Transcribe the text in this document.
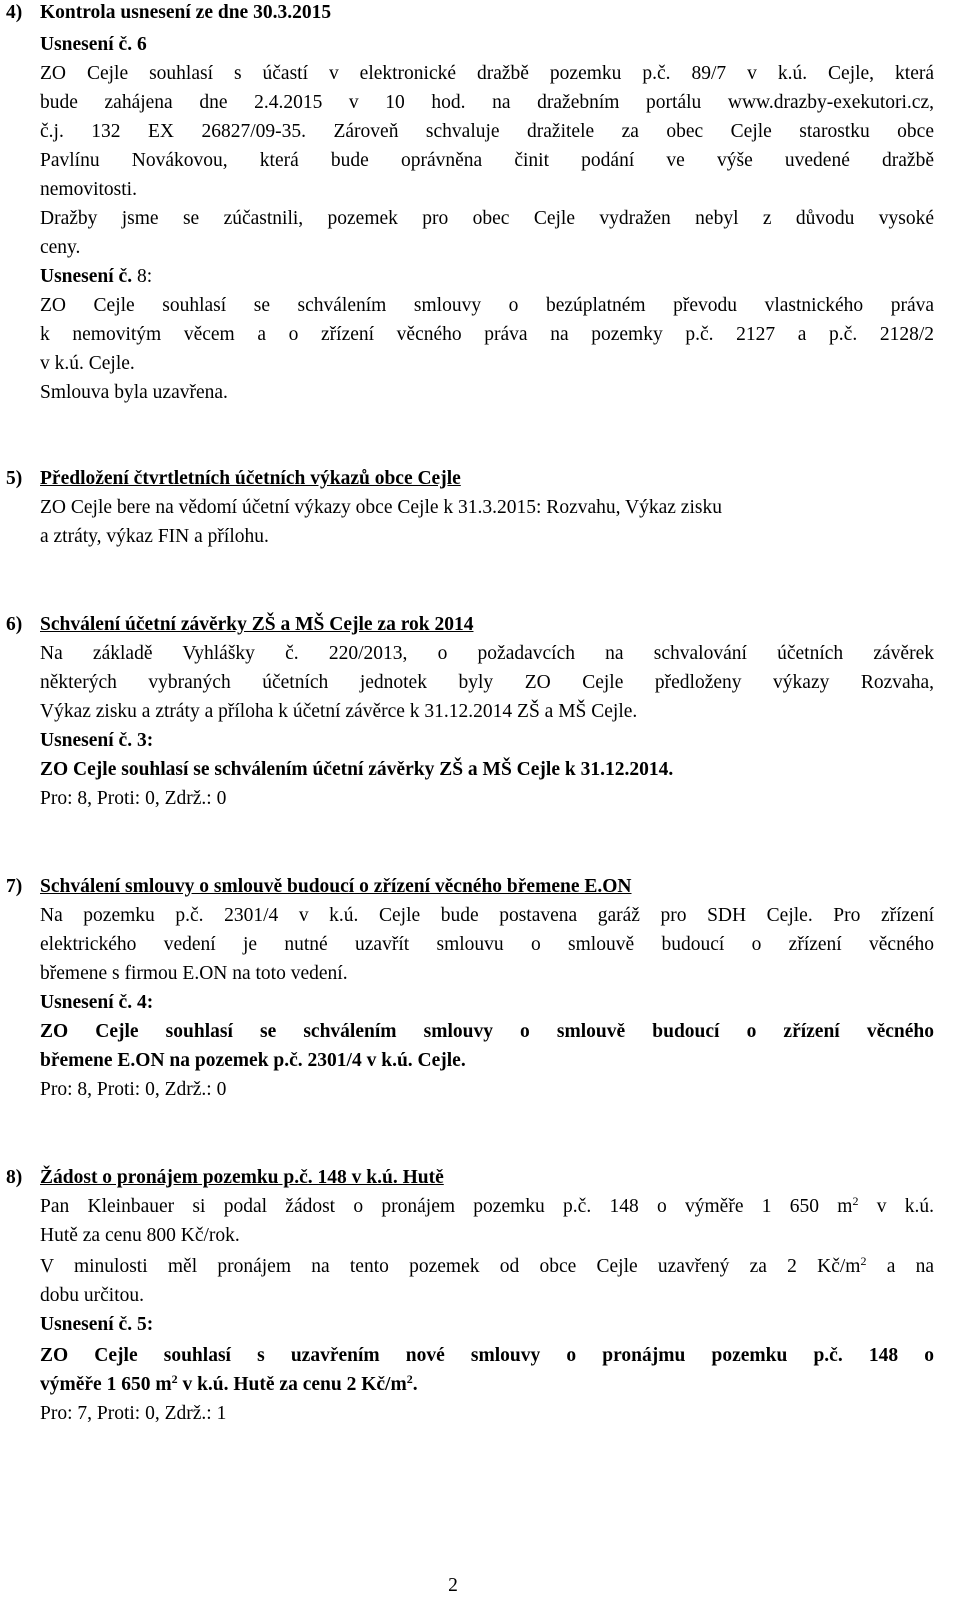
4) Kontrola usnesení ze dne 30.3.2015
Usnesení č. 6
ZO Cejle souhlasí s účastí v elektronické dražbě pozemku p.č. 89/7 v k.ú. Cejle, která
bude zahájena dne 2.4.2015 v 10 hod. na dražebním portálu www.drazby-exekutori.cz,
č.j. 132 EX 26827/09-35. Zároveň schvaluje dražitele za obec Cejle starostku obce
Pavlínu Novákovou, která bude oprávněna činit podání ve výše uvedené dražbě
nemovitosti.
Dražby jsme se zúčastnili, pozemek pro obec Cejle vydražen nebyl z důvodu vysoké
ceny.
Usnesení č. 8:
ZO Cejle souhlasí se schválením smlouvy o bezúplatném převodu vlastnického práva
k nemovitým věcem a o zřízení věcného práva na pozemky p.č. 2127 a p.č. 2128/2
v k.ú. Cejle.
Smlouva byla uzavřena.
5) Předložení čtvrtletních účetních výkazů obce Cejle
ZO Cejle bere na vědomí účetní výkazy obce Cejle k 31.3.2015: Rozvahu, Výkaz zisku
a ztráty, výkaz FIN a přílohu.
6) Schválení účetní závěrky ZŠ a MŠ Cejle za rok 2014
Na základě Vyhlášky č. 220/2013, o požadavcích na schvalování účetních závěrek
některých vybraných účetních jednotek byly ZO Cejle předloženy výkazy Rozvaha,
Výkaz zisku a ztráty a příloha k účetní závěrce k 31.12.2014 ZŠ a MŠ Cejle.
Usnesení č. 3:
ZO Cejle souhlasí se schválením účetní závěrky ZŠ a MŠ Cejle k 31.12.2014.
Pro: 8, Proti: 0, Zdrž.: 0
7) Schválení smlouvy o smlouvě budoucí o zřízení věcného břemene E.ON
Na pozemku p.č. 2301/4 v k.ú. Cejle bude postavena garáž pro SDH Cejle. Pro zřízení
elektrického vedení je nutné uzavřít smlouvu o smlouvě budoucí o zřízení věcného
břemene s firmou E.ON na toto vedení.
Usnesení č. 4:
ZO Cejle souhlasí se schválením smlouvy o smlouvě budoucí o zřízení věcného
břemene E.ON na pozemek p.č. 2301/4 v k.ú. Cejle.
Pro: 8, Proti: 0, Zdrž.: 0
8) Žádost o pronájem pozemku p.č. 148 v k.ú. Hutě
Pan Kleinbauer si podal žádost o pronájem pozemku p.č. 148 o výměře 1 650 $m^2$ v k.ú.
Hutě za cenu 800 Kč/rok.
V minulosti měl pronájem na tento pozemek od obce Cejle uzavřený za 2 $Kč/m^2$ a na
dobu určitou.
Usnesení č. 5:
ZO Cejle souhlasí s uzavřením nové smlouvy o pronájmu pozemku p.č. 148 o
výměře 1 650 $m^2$ v k.ú. Hutě za cenu 2 $Kč/m^2$.
Pro: 7, Proti: 0, Zdrž.: 1
2
